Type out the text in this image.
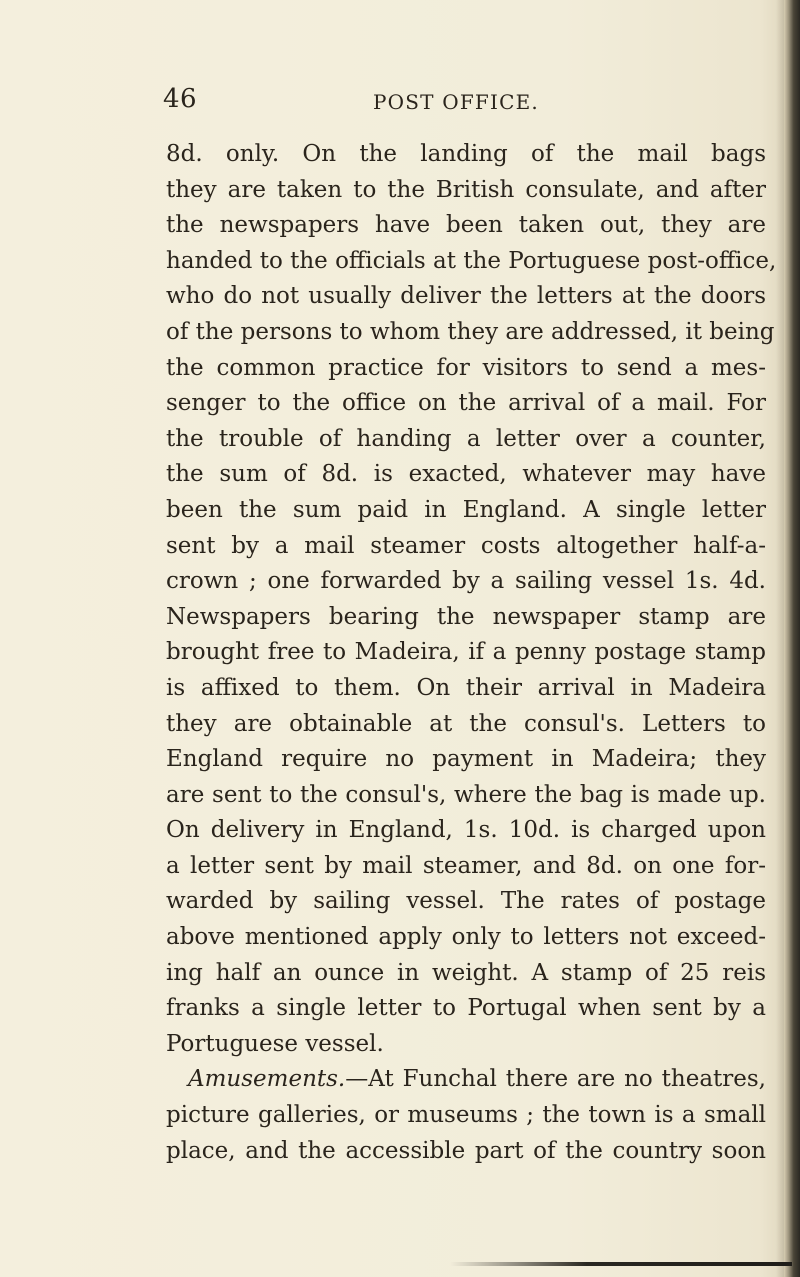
46	POST OFFICE.
8d. only. On the landing of the mail bags
they are taken to the British consulate, and after
the newspapers have been taken out, they are
handed to the officials at the Portuguese post-office,
who do not usually deliver the letters at the doors
of the persons to whom they are addressed, it being
the common practice for visitors to send a mes-
senger to the office on the arrival of a mail. For
the trouble of handing a letter over a counter,
the sum of 8d. is exacted, whatever may have
been the sum paid in England. A single letter
sent by a mail steamer costs altogether half-a-
crown ; one forwarded by a sailing vessel 1s. 4d.
Newspapers bearing the newspaper stamp are
brought free to Madeira, if a penny postage stamp
is affixed to them. On their arrival in Madeira
they are obtainable at the consul's. Letters to
England require no payment in Madeira; they
are sent to the consul's, where the bag is made up.
On delivery in England, 1s. 10d. is charged upon
a letter sent by mail steamer, and 8d. on one for-
warded by sailing vessel. The rates of postage
above mentioned apply only to letters not exceed-
ing half an ounce in weight. A stamp of 25 reis
franks a single letter to Portugal when sent by a
Portuguese vessel.
Amusements.—At Funchal there are no theatres,
picture galleries, or museums ; the town is a small
place, and the accessible part of the country soon
